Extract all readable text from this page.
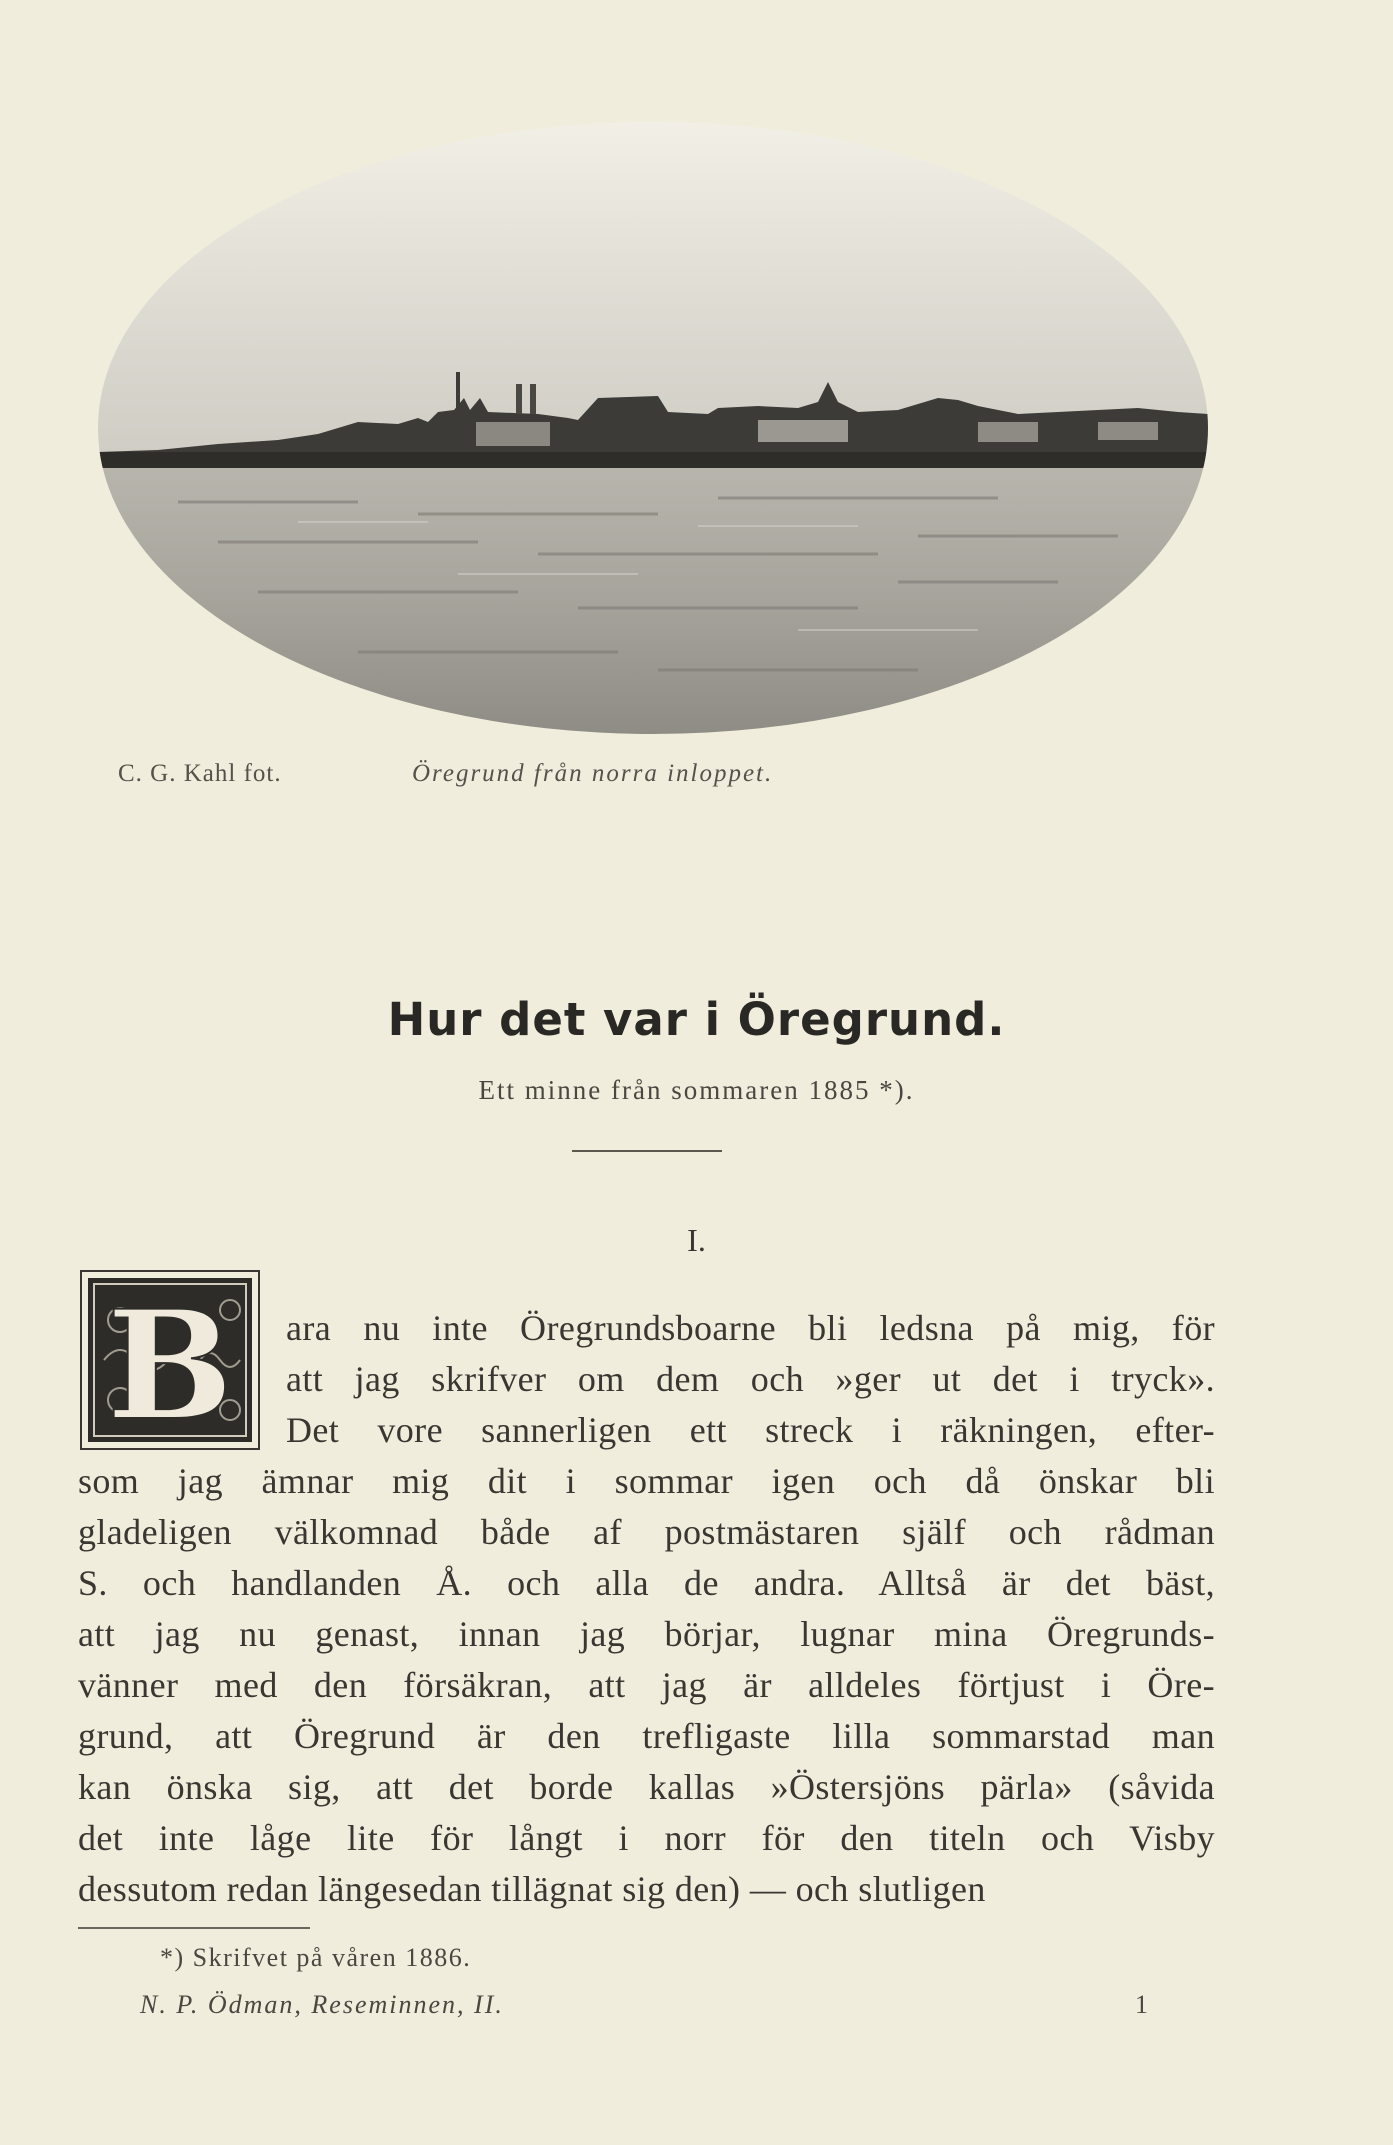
C. G. Kahl fot.	Öregrund från norra inloppet.
Hur det var i Öregrund.
Ett minne från sommaren 1885 *).
I.
B ara nu inte Öregrundsboarne bli ledsna på mig, för
att jag skrifver om dem och »ger ut det i tryck».
Det vore sannerligen ett streck i räkningen, efter-
som jag ämnar mig dit i sommar igen och då önskar bli
gladeligen välkomnad både af postmästaren själf och rådman
S. och handlanden Å. och alla de andra. Alltså är det bäst,
att jag nu genast, innan jag börjar, lugnar mina Öregrunds-
vänner med den försäkran, att jag är alldeles förtjust i Öre-
grund, att Öregrund är den trefligaste lilla sommarstad man
kan önska sig, att det borde kallas »Östersjöns pärla» (såvida
det inte låge lite för långt i norr för den titeln och Visby
dessutom redan längesedan tillägnat sig den) — och slutligen
*) Skrifvet på våren 1886.
N. P. Ödman, Reseminnen, II.	1
